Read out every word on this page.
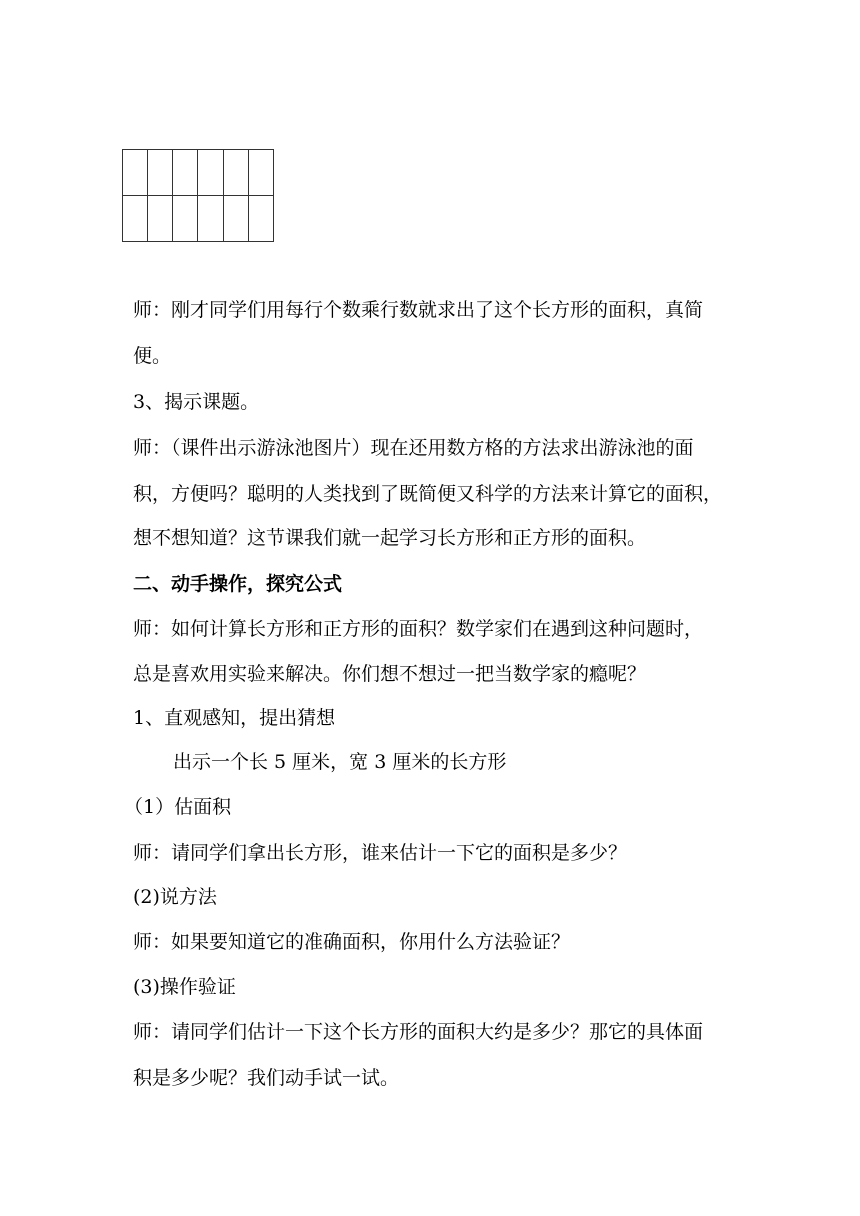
师：刚才同学们用每行个数乘行数就求出了这个长方形的面积，真简
便。
3、揭示课题。
师：（课件出示游泳池图片）现在还用数方格的方法求出游泳池的面
积，方便吗？聪明的人类找到了既简便又科学的方法来计算它的面积，
想不想知道？这节课我们就一起学习长方形和正方形的面积。
二、动手操作，探究公式
师：如何计算长方形和正方形的面积？数学家们在遇到这种问题时，
总是喜欢用实验来解决。你们想不想过一把当数学家的瘾呢？
1、直观感知，提出猜想
出示一个长 5 厘米，宽 3 厘米的长方形
（1）估面积
师：请同学们拿出长方形，谁来估计一下它的面积是多少？
(2)说方法
师：如果要知道它的准确面积，你用什么方法验证？
(3)操作验证
师：请同学们估计一下这个长方形的面积大约是多少？那它的具体面
积是多少呢？我们动手试一试。
